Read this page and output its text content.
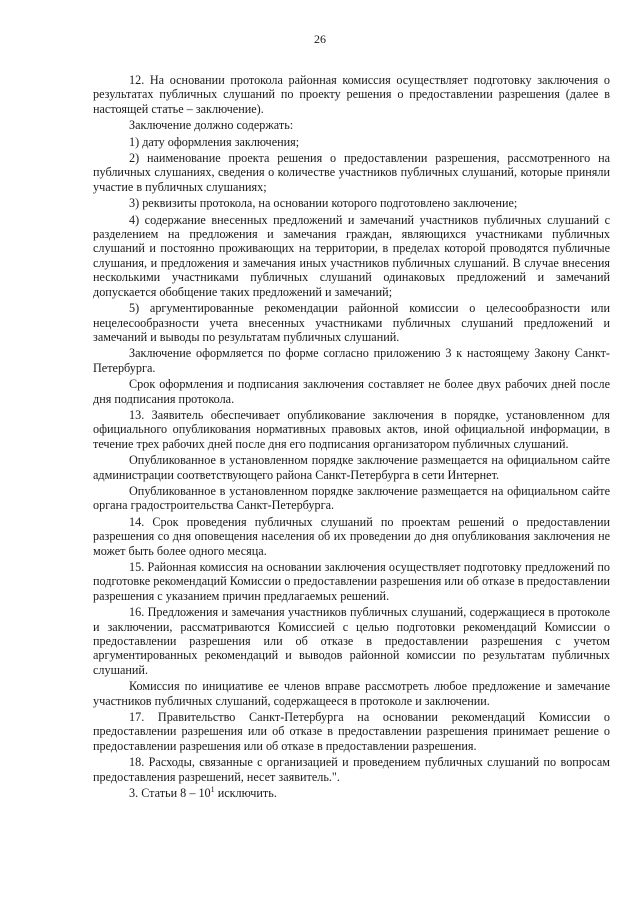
26

12. На основании протокола районная комиссия осуществляет подготовку заключения о результатах публичных слушаний по проекту решения о предоставлении разрешения (далее в настоящей статье – заключение).

Заключение должно содержать:

1) дату оформления заключения;

2) наименование проекта решения о предоставлении разрешения, рассмотренного на публичных слушаниях, сведения о количестве участников публичных слушаний, которые приняли участие в публичных слушаниях;

3) реквизиты протокола, на основании которого подготовлено заключение;

4) содержание внесенных предложений и замечаний участников публичных слушаний с разделением на предложения и замечания граждан, являющихся участниками публичных слушаний и постоянно проживающих на территории, в пределах которой проводятся публичные слушания, и предложения и замечания иных участников публичных слушаний. В случае внесения несколькими участниками публичных слушаний одинаковых предложений и замечаний допускается обобщение таких предложений и замечаний;

5) аргументированные рекомендации районной комиссии о целесообразности или нецелесообразности учета внесенных участниками публичных слушаний предложений и замечаний и выводы по результатам публичных слушаний.

Заключение оформляется по форме согласно приложению 3 к настоящему Закону Санкт-Петербурга.

Срок оформления и подписания заключения составляет не более двух рабочих дней после дня подписания протокола.

13. Заявитель обеспечивает опубликование заключения в порядке, установленном для официального опубликования нормативных правовых актов, иной официальной информации, в течение трех рабочих дней после дня его подписания организатором публичных слушаний.

Опубликованное в установленном порядке заключение размещается на официальном сайте администрации соответствующего района Санкт-Петербурга в сети Интернет.

Опубликованное в установленном порядке заключение размещается на официальном сайте органа градостроительства Санкт-Петербурга.

14. Срок проведения публичных слушаний по проектам решений о предоставлении разрешения со дня оповещения населения об их проведении до дня опубликования заключения не может быть более одного месяца.

15. Районная комиссия на основании заключения осуществляет подготовку предложений по подготовке рекомендаций Комиссии о предоставлении разрешения или об отказе в предоставлении разрешения с указанием причин предлагаемых решений.

16. Предложения и замечания участников публичных слушаний, содержащиеся в протоколе и заключении, рассматриваются Комиссией с целью подготовки рекомендаций Комиссии о предоставлении разрешения или об отказе в предоставлении разрешения с учетом аргументированных рекомендаций и выводов районной комиссии по результатам публичных слушаний.

Комиссия по инициативе ее членов вправе рассмотреть любое предложение и замечание участников публичных слушаний, содержащееся в протоколе и заключении.

17. Правительство Санкт-Петербурга на основании рекомендаций Комиссии о предоставлении разрешения или об отказе в предоставлении разрешения принимает решение о предоставлении разрешения или об отказе в предоставлении разрешения.

18. Расходы, связанные с организацией и проведением публичных слушаний по вопросам предоставления разрешений, несет заявитель.".

3. Статьи $8 - 10^1$ исключить.
